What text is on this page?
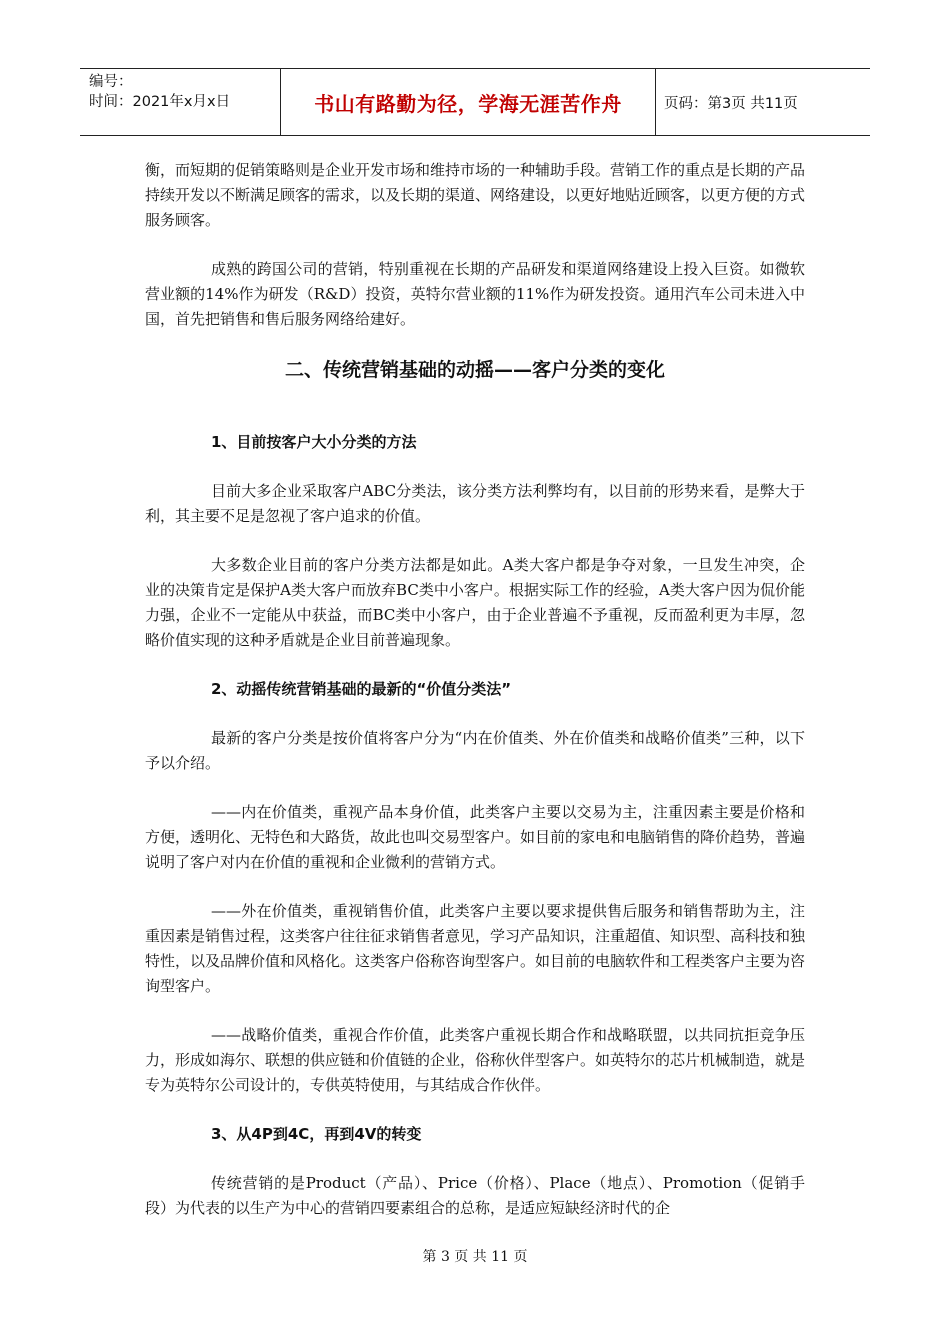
编号：
时间：2021年x月x日	书山有路勤为径，学海无涯苦作舟	页码：第3页 共11页

衡，而短期的促销策略则是企业开发市场和维持市场的一种辅助手段。营销工作的重点是长期的产品持续开发以不断满足顾客的需求，以及长期的渠道、网络建设，以更好地贴近顾客，以更方便的方式服务顾客。

成熟的跨国公司的营销，特别重视在长期的产品研发和渠道网络建设上投入巨资。如微软营业额的14%作为研发（R&D）投资，英特尔营业额的11%作为研发投资。通用汽车公司未进入中国，首先把销售和售后服务网络给建好。

二、传统营销基础的动摇——客户分类的变化
1、目前按客户大小分类的方法

目前大多企业采取客户ABC分类法，该分类方法利弊均有，以目前的形势来看，是弊大于利，其主要不足是忽视了客户追求的价值。

大多数企业目前的客户分类方法都是如此。A类大客户都是争夺对象，一旦发生冲突，企业的决策肯定是保护A类大客户而放弃BC类中小客户。根据实际工作的经验，A类大客户因为侃价能力强，企业不一定能从中获益，而BC类中小客户，由于企业普遍不予重视，反而盈利更为丰厚，忽略价值实现的这种矛盾就是企业目前普遍现象。

2、动摇传统营销基础的最新的“价值分类法”

最新的客户分类是按价值将客户分为“内在价值类、外在价值类和战略价值类”三种，以下予以介绍。

——内在价值类，重视产品本身价值，此类客户主要以交易为主，注重因素主要是价格和方便，透明化、无特色和大路货，故此也叫交易型客户。如目前的家电和电脑销售的降价趋势，普遍说明了客户对内在价值的重视和企业微利的营销方式。

——外在价值类，重视销售价值，此类客户主要以要求提供售后服务和销售帮助为主，注重因素是销售过程，这类客户往往征求销售者意见，学习产品知识，注重超值、知识型、高科技和独特性，以及品牌价值和风格化。这类客户俗称咨询型客户。如目前的电脑软件和工程类客户主要为咨询型客户。

——战略价值类，重视合作价值，此类客户重视长期合作和战略联盟，以共同抗拒竞争压力，形成如海尔、联想的供应链和价值链的企业，俗称伙伴型客户。如英特尔的芯片机械制造，就是专为英特尔公司设计的，专供英特使用，与其结成合作伙伴。

3、从4P到4C，再到4V的转变

传统营销的是Product（产品）、Price（价格）、Place（地点）、Promotion（促销手段）为代表的以生产为中心的营销四要素组合的总称，是适应短缺经济时代的企

第 3 页 共 11 页
